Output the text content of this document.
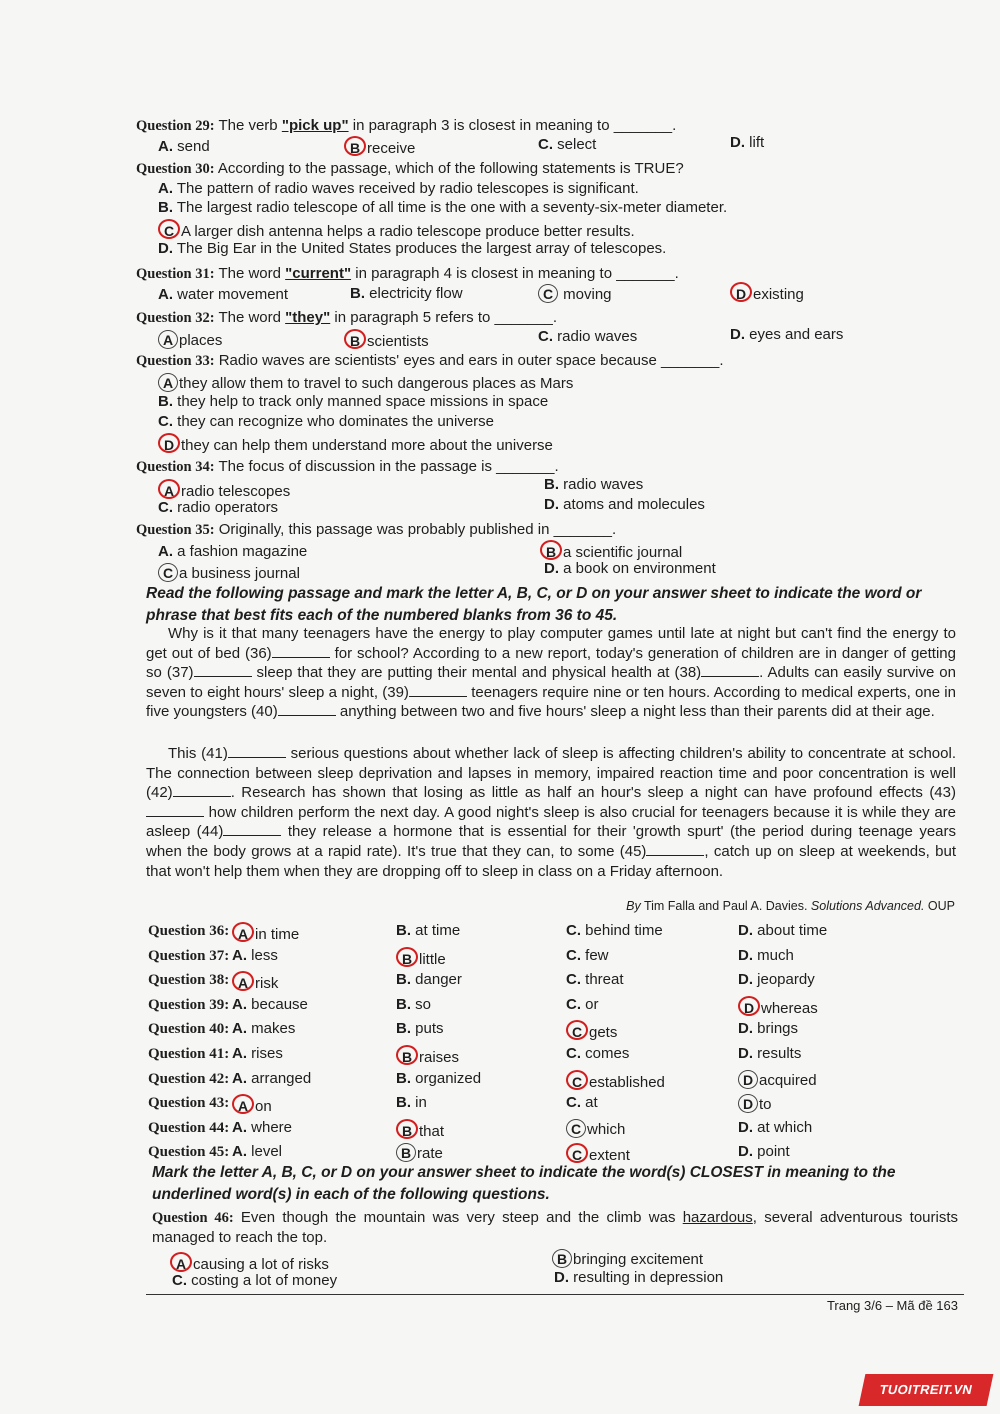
Question 29: The verb "pick up" in paragraph 3 is closest in meaning to _______.
A. send	B receive	C. select	D. lift
Question 30: According to the passage, which of the following statements is TRUE?
A. The pattern of radio waves received by radio telescopes is significant.
B. The largest radio telescope of all time is the one with a seventy-six-meter diameter.
C A larger dish antenna helps a radio telescope produce better results.
D. The Big Ear in the United States produces the largest array of telescopes.
Question 31: The word "current" in paragraph 4 is closest in meaning to _______.
A. water movement	B. electricity flow	C moving	D existing
Question 32: The word "they" in paragraph 5 refers to _______.
A places	B scientists	C. radio waves	D. eyes and ears
Question 33: Radio waves are scientists' eyes and ears in outer space because _______.
A they allow them to travel to such dangerous places as Mars
B. they help to track only manned space missions in space
C. they can recognize who dominates the universe
D they can help them understand more about the universe
Question 34: The focus of discussion in the passage is _______.
A radio telescopes	B. radio waves
C. radio operators	D. atoms and molecules
Question 35: Originally, this passage was probably published in _______.
A. a fashion magazine	B a scientific journal
C a business journal	D. a book on environment
Read the following passage and mark the letter A, B, C, or D on your answer sheet to indicate the word or phrase that best fits each of the numbered blanks from 36 to 45.
Why is it that many teenagers have the energy to play computer games until late at night but can't find the energy to get out of bed (36)	for school? According to a new report, today's generation of children are in danger of getting so (37)	sleep that they are putting their mental and physical health at (38)	. Adults can easily survive on seven to eight hours' sleep a night, (39)	teenagers require nine or ten hours. According to medical experts, one in five youngsters (40)	anything between two and five hours' sleep a night less than their parents did at their age.
This (41)	serious questions about whether lack of sleep is affecting children's ability to concentrate at school. The connection between sleep deprivation and lapses in memory, impaired reaction time and poor concentration is well (42)	. Research has shown that losing as little as half an hour's sleep a night can have profound effects (43) how children perform the next day. A good night's sleep is also crucial for teenagers because it is while they are asleep (44)	they release a hormone that is essential for their 'growth spurt' (the period during teenage years when the body grows at a rapid rate). It's true that they can, to some (45)	, catch up on sleep at weekends, but that won't help them when they are dropping off to sleep in class on a Friday afternoon.
By Tim Falla and Paul A. Davies. Solutions Advanced. OUP
Question 36: A in time	B. at time	C. behind time	D. about time
Question 37: A. less	B little	C. few	D. much
Question 38: A risk	B. danger	C. threat	D. jeopardy
Question 39: A. because	B. so	C. or	D whereas
Question 40: A. makes	B. puts	C gets	D. brings
Question 41: A. rises	B raises	C. comes	D. results
Question 42: A. arranged	B. organized	C established	D acquired
Question 43: A on	B. in	C. at	D to
Question 44: A. where	B that	C which	D. at which
Question 45: A. level	B rate	C extent	D. point
Mark the letter A, B, C, or D on your answer sheet to indicate the word(s) CLOSEST in meaning to the underlined word(s) in each of the following questions.
Question 46: Even though the mountain was very steep and the climb was hazardous, several adventurous tourists managed to reach the top.
A causing a lot of risks	B bringing excitement
C. costing a lot of money	D. resulting in depression
Trang 3/6 – Mã đề 163
TUOITREIT.VN
